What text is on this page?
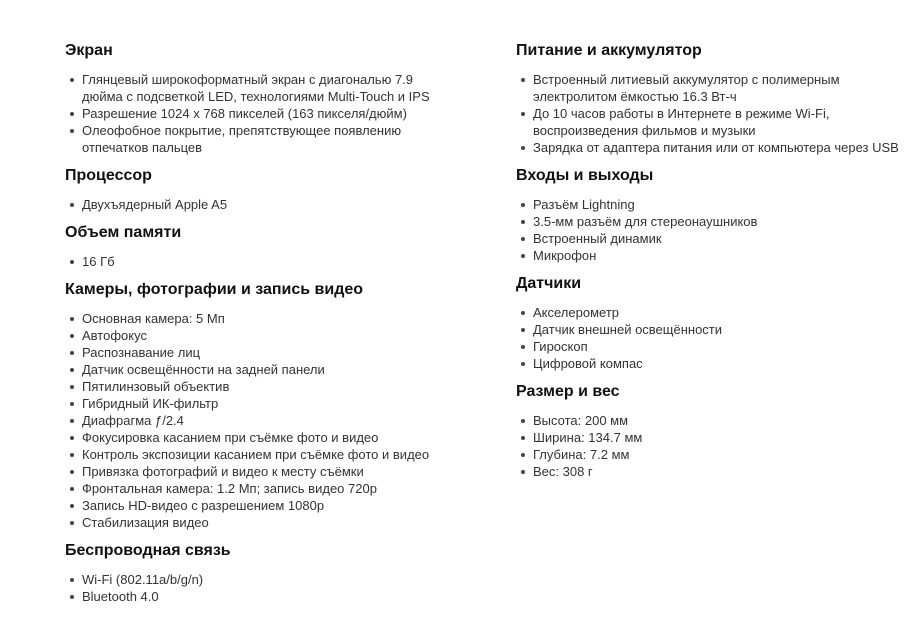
Экран
Глянцевый широкоформатный экран с диагональю 7.9 дюйма с подсветкой LED, технологиями Multi-Touch и IPS
Разрешение 1024 x 768 пикселей (163 пикселя/дюйм)
Олеофобное покрытие, препятствующее появлению отпечатков пальцев
Процессор
Двухъядерный Apple A5
Объем памяти
16 Гб
Камеры, фотографии и запись видео
Основная камера: 5 Мп
Автофокус
Распознавание лиц
Датчик освещённости на задней панели
Пятилинзовый объектив
Гибридный ИК-фильтр
Диафрагма ƒ/2.4
Фокусировка касанием при съёмке фото и видео
Контроль экспозиции касанием при съёмке фото и видео
Привязка фотографий и видео к месту съёмки
Фронтальная камера: 1.2 Мп; запись видео 720p
Запись HD-видео с разрешением 1080p
Стабилизация видео
Беспроводная связь
Wi-Fi (802.11a/b/g/n)
Bluetooth 4.0
Питание и аккумулятор
Встроенный литиевый аккумулятор с полимерным электролитом ёмкостью 16.3 Вт-ч
До 10 часов работы в Интернете в режиме Wi-Fi, воспроизведения фильмов и музыки
Зарядка от адаптера питания или от компьютера через USB
Входы и выходы
Разъём Lightning
3.5-мм разъём для стереонаушников
Встроенный динамик
Микрофон
Датчики
Акселерометр
Датчик внешней освещённости
Гироскоп
Цифровой компас
Размер и вес
Высота: 200 мм
Ширина: 134.7 мм
Глубина: 7.2 мм
Вес: 308 г
